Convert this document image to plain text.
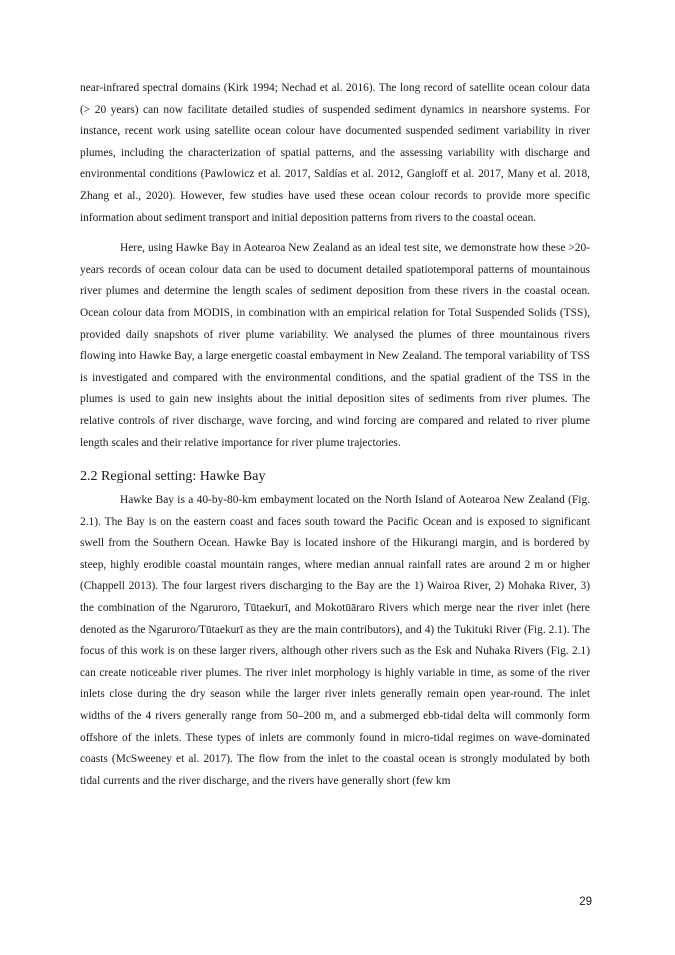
near-infrared spectral domains (Kirk 1994; Nechad et al. 2016). The long record of satellite ocean colour data (> 20 years) can now facilitate detailed studies of suspended sediment dynamics in nearshore systems. For instance, recent work using satellite ocean colour have documented suspended sediment variability in river plumes, including the characterization of spatial patterns, and the assessing variability with discharge and environmental conditions (Pawlowicz et al. 2017, Saldías et al. 2012, Gangloff et al. 2017, Many et al. 2018, Zhang et al., 2020). However, few studies have used these ocean colour records to provide more specific information about sediment transport and initial deposition patterns from rivers to the coastal ocean.

Here, using Hawke Bay in Aotearoa New Zealand as an ideal test site, we demonstrate how these >20-years records of ocean colour data can be used to document detailed spatiotemporal patterns of mountainous river plumes and determine the length scales of sediment deposition from these rivers in the coastal ocean. Ocean colour data from MODIS, in combination with an empirical relation for Total Suspended Solids (TSS), provided daily snapshots of river plume variability. We analysed the plumes of three mountainous rivers flowing into Hawke Bay, a large energetic coastal embayment in New Zealand. The temporal variability of TSS is investigated and compared with the environmental conditions, and the spatial gradient of the TSS in the plumes is used to gain new insights about the initial deposition sites of sediments from river plumes. The relative controls of river discharge, wave forcing, and wind forcing are compared and related to river plume length scales and their relative importance for river plume trajectories.

2.2 Regional setting: Hawke Bay

Hawke Bay is a 40-by-80-km embayment located on the North Island of Aotearoa New Zealand (Fig. 2.1). The Bay is on the eastern coast and faces south toward the Pacific Ocean and is exposed to significant swell from the Southern Ocean. Hawke Bay is located inshore of the Hikurangi margin, and is bordered by steep, highly erodible coastal mountain ranges, where median annual rainfall rates are around 2 m or higher (Chappell 2013). The four largest rivers discharging to the Bay are the 1) Wairoa River, 2) Mohaka River, 3) the combination of the Ngaruroro, Tūtaekurī, and Mokotūāraro Rivers which merge near the river inlet (here denoted as the Ngaruroro/Tūtaekurī as they are the main contributors), and 4) the Tukituki River (Fig. 2.1). The focus of this work is on these larger rivers, although other rivers such as the Esk and Nuhaka Rivers (Fig. 2.1) can create noticeable river plumes. The river inlet morphology is highly variable in time, as some of the river inlets close during the dry season while the larger river inlets generally remain open year-round. The inlet widths of the 4 rivers generally range from 50–200 m, and a submerged ebb-tidal delta will commonly form offshore of the inlets. These types of inlets are commonly found in micro-tidal regimes on wave-dominated coasts (McSweeney et al. 2017). The flow from the inlet to the coastal ocean is strongly modulated by both tidal currents and the river discharge, and the rivers have generally short (few km

29
